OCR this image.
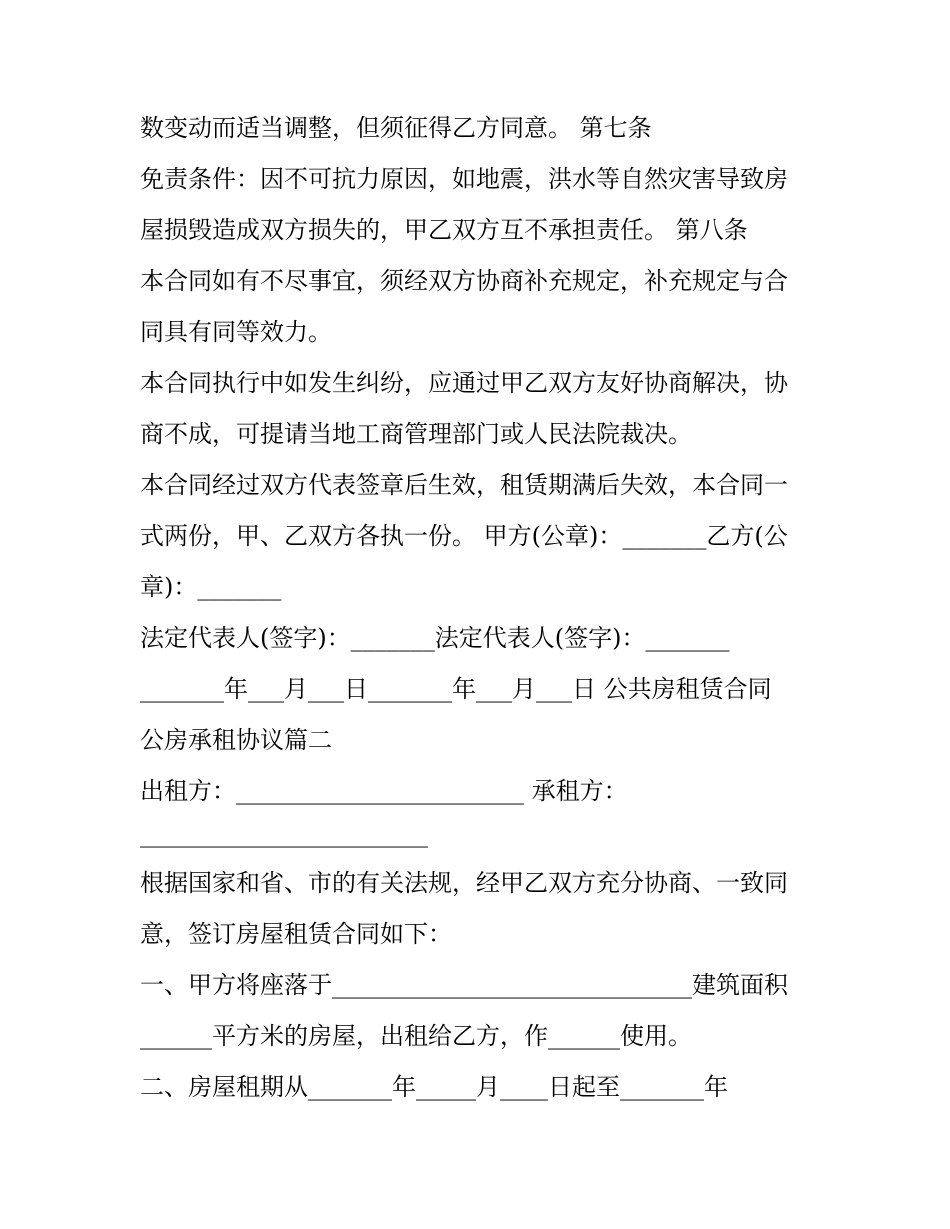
数变动而适当调整，但须征得乙方同意。 第七条
免责条件：因不可抗力原因，如地震，洪水等自然灾害导致房
屋损毁造成双方损失的，甲乙双方互不承担责任。 第八条
本合同如有不尽事宜，须经双方协商补充规定，补充规定与合
同具有同等效力。
本合同执行中如发生纠纷，应通过甲乙双方友好协商解决，协
商不成，可提请当地工商管理部门或人民法院裁决。
本合同经过双方代表签章后生效，租赁期满后失效，本合同一
式两份，甲、乙双方各执一份。 甲方(公章)：_______乙方(公
章)：_______
法定代表人(签字)：_______法定代表人(签字)：_______
_______年___月___日_______年___月___日 公共房租赁合同
公房承租协议篇二
出租方：________________________ 承租方：
________________________
根据国家和省、市的有关法规，经甲乙双方充分协商、一致同
意，签订房屋租赁合同如下：
一、甲方将座落于______________________________建筑面积
______平方米的房屋，出租给乙方，作______使用。
二、房屋租期从_______年_____月____日起至_______年
